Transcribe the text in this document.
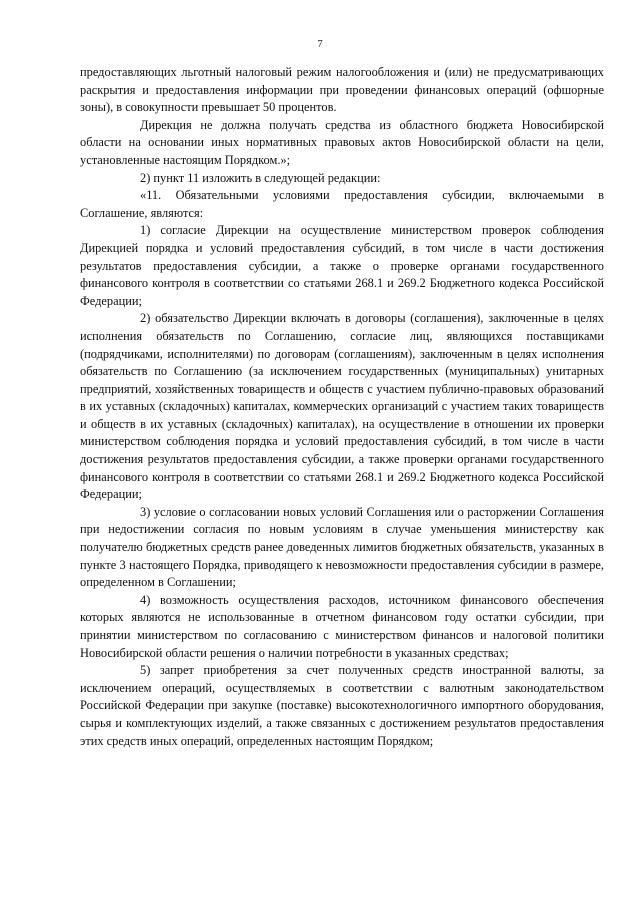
7

предоставляющих льготный налоговый режим налогообложения и (или) не предусматривающих раскрытия и предоставления информации при проведении финансовых операций (офшорные зоны), в совокупности превышает 50 процентов.

Дирекция не должна получать средства из областного бюджета Новосибирской области на основании иных нормативных правовых актов Новосибирской области на цели, установленные настоящим Порядком.»;

2) пункт 11 изложить в следующей редакции:

«11. Обязательными условиями предоставления субсидии, включаемыми в Соглашение, являются:

1) согласие Дирекции на осуществление министерством проверок соблюдения Дирекцией порядка и условий предоставления субсидий, в том числе в части достижения результатов предоставления субсидии, а также о проверке органами государственного финансового контроля в соответствии со статьями 268.1 и 269.2 Бюджетного кодекса Российской Федерации;

2) обязательство Дирекции включать в договоры (соглашения), заключенные в целях исполнения обязательств по Соглашению, согласие лиц, являющихся поставщиками (подрядчиками, исполнителями) по договорам (соглашениям), заключенным в целях исполнения обязательств по Соглашению (за исключением государственных (муниципальных) унитарных предприятий, хозяйственных товариществ и обществ с участием публично-правовых образований в их уставных (складочных) капиталах, коммерческих организаций с участием таких товариществ и обществ в их уставных (складочных) капиталах), на осуществление в отношении их проверки министерством соблюдения порядка и условий предоставления субсидий, в том числе в части достижения результатов предоставления субсидии, а также проверки органами государственного финансового контроля в соответствии со статьями 268.1 и 269.2 Бюджетного кодекса Российской Федерации;

3) условие о согласовании новых условий Соглашения или о расторжении Соглашения при недостижении согласия по новым условиям в случае уменьшения министерству как получателю бюджетных средств ранее доведенных лимитов бюджетных обязательств, указанных в пункте 3 настоящего Порядка, приводящего к невозможности предоставления субсидии в размере, определенном в Соглашении;

4) возможность осуществления расходов, источником финансового обеспечения которых являются не использованные в отчетном финансовом году остатки субсидии, при принятии министерством по согласованию с министерством финансов и налоговой политики Новосибирской области решения о наличии потребности в указанных средствах;

5) запрет приобретения за счет полученных средств иностранной валюты, за исключением операций, осуществляемых в соответствии с валютным законодательством Российской Федерации при закупке (поставке) высокотехнологичного импортного оборудования, сырья и комплектующих изделий, а также связанных с достижением результатов предоставления этих средств иных операций, определенных настоящим Порядком;
